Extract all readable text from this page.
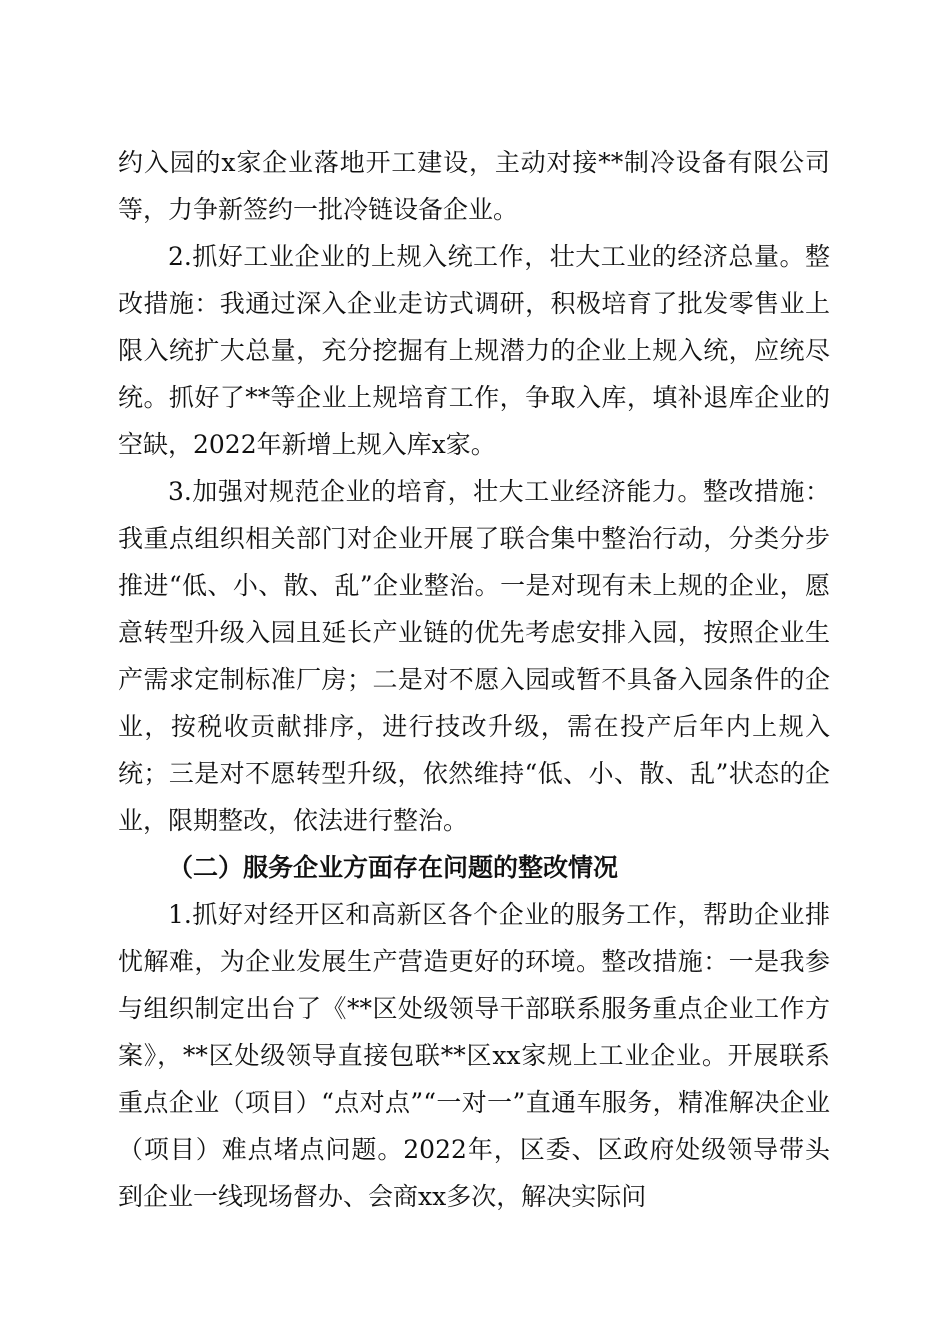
约入园的x家企业落地开工建设，主动对接**制冷设备有限公司等，力争新签约一批冷链设备企业。

2.抓好工业企业的上规入统工作，壮大工业的经济总量。整改措施：我通过深入企业走访式调研，积极培育了批发零售业上限入统扩大总量，充分挖掘有上规潜力的企业上规入统，应统尽统。抓好了**等企业上规培育工作，争取入库，填补退库企业的空缺，2022年新增上规入库x家。

3.加强对规范企业的培育，壮大工业经济能力。整改措施：我重点组织相关部门对企业开展了联合集中整治行动，分类分步推进“低、小、散、乱”企业整治。一是对现有未上规的企业，愿意转型升级入园且延长产业链的优先考虑安排入园，按照企业生产需求定制标准厂房；二是对不愿入园或暂不具备入园条件的企业，按税收贡献排序，进行技改升级，需在投产后年内上规入统；三是对不愿转型升级，依然维持“低、小、散、乱”状态的企业，限期整改，依法进行整治。

（二）服务企业方面存在问题的整改情况

1.抓好对经开区和高新区各个企业的服务工作，帮助企业排忧解难，为企业发展生产营造更好的环境。整改措施：一是我参与组织制定出台了《**区处级领导干部联系服务重点企业工作方案》，**区处级领导直接包联**区xx家规上工业企业。开展联系重点企业（项目）“点对点”“一对一”直通车服务，精准解决企业（项目）难点堵点问题。2022年，区委、区政府处级领导带头到企业一线现场督办、会商xx多次，解决实际问
